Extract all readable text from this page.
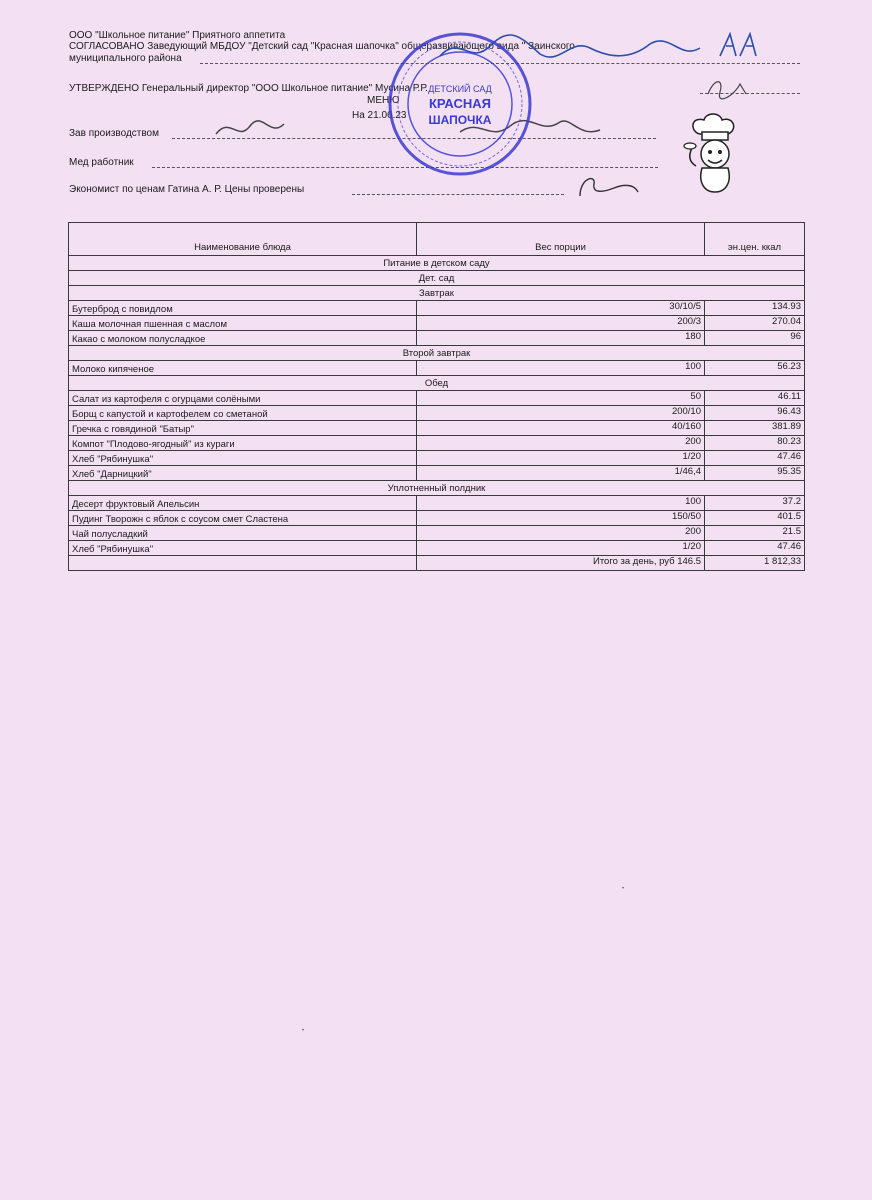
ООО "Школьное питание" Приятного аппетита
СОГЛАСОВАНО Заведующий МБДОУ "Детский сад "Красная шапочка" общеразвивающего вида " Заинского
муниципального района
УТВЕРЖДЕНО Генеральный директор "ООО Школьное питание" Мусина Р.Р.
МЕНЮ
На 21.06.23
Зав производством
Мед работник
Экономист по ценам Гатина А. Р. Цены проверены
ДЕТСКИЙ САД
КРАСНАЯ
ШАПОЧКА
Наименование блюда	Вес порции	эн.цен. ккал
Питание в детском саду		
Дет. сад		
Завтрак		
Бутерброд с повидлом	30/10/5	134.93
Каша молочная пшенная с маслом	200/3	270.04
Какао с молоком полусладкое	180	96
Второй завтрак		
Молоко кипяченое	100	56.23
Обед		
Салат из картофеля с огурцами солёными	50	46.11
Борщ с капустой и картофелем со сметаной	200/10	96.43
Гречка с говядиной "Батыр"	40/160	381.89
Компот "Плодово-ягодный" из кураги	200	80.23
Хлеб "Рябинушка"	1/20	47.46
Хлеб "Дарницкий"	1/46,4	95.35
Уплотненный полдник		
Десерт фруктовый Апельсин	100	37.2
Пудинг Творожн с яблок с соусом смет Сластена	150/50	401.5
Чай полусладкий	200	21.5
Хлеб "Рябинушка"	1/20	47.46
	Итого за день, руб 146.5	1 812,33
•
•
